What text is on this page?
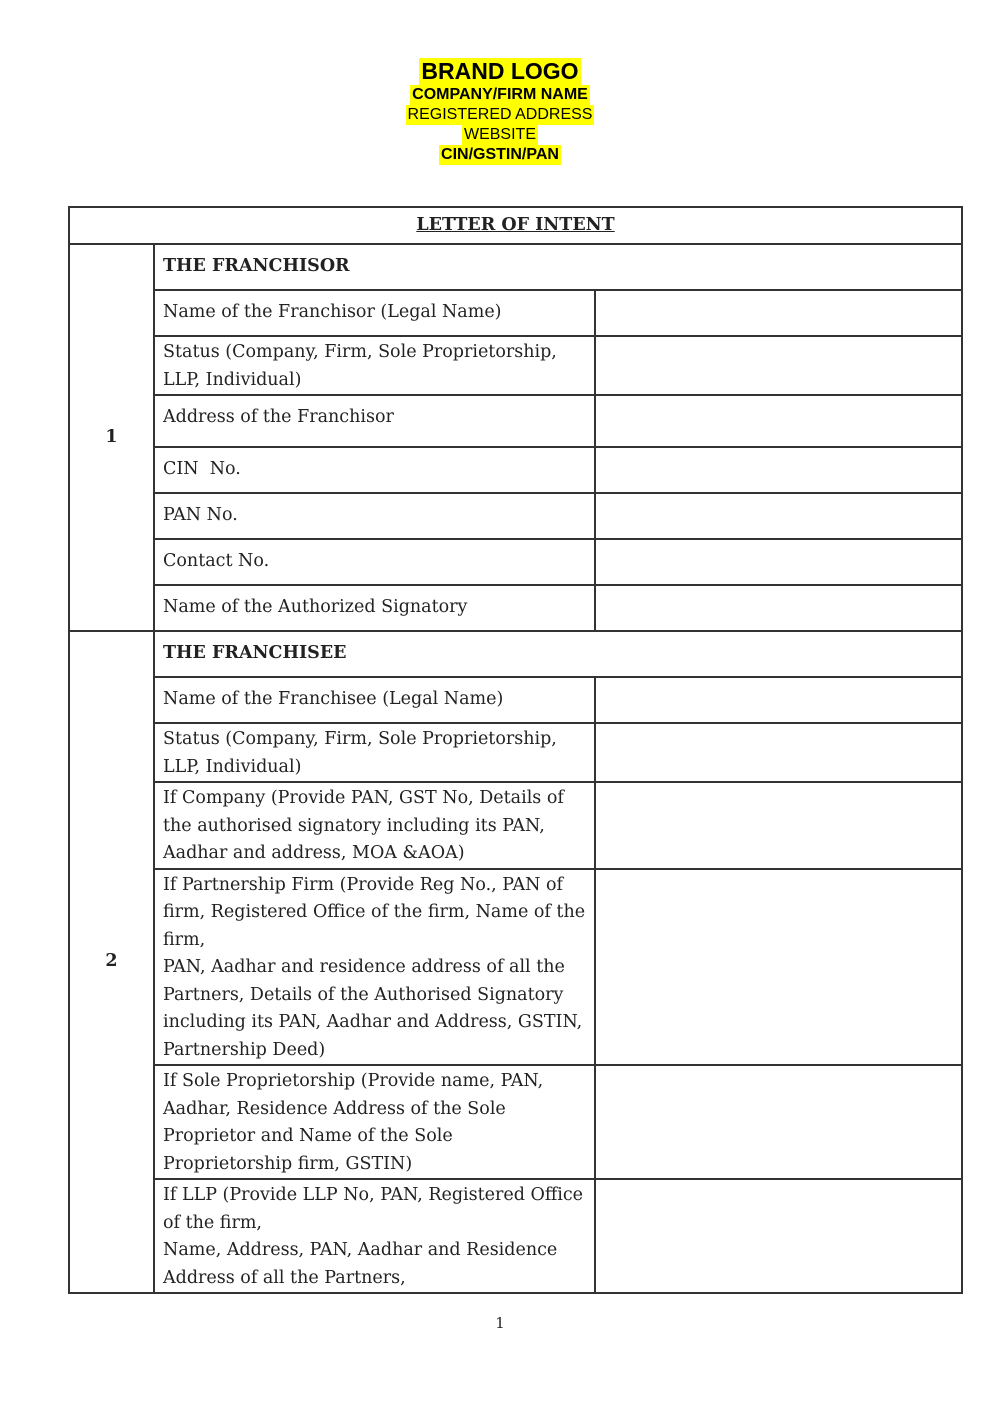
BRAND LOGO
COMPANY/FIRM NAME
REGISTERED ADDRESS
WEBSITE
CIN/GSTIN/PAN
LETTER OF INTENT		
1	THE FRANCHISOR	
	Name of the Franchisor (Legal Name)	
	Status (Company, Firm, Sole Proprietorship, LLP, Individual)	
	Address of the Franchisor	
	CIN  No.	
	PAN No.	
	Contact No.	
	Name of the Authorized Signatory	
2	THE FRANCHISEE	
	Name of the Franchisee (Legal Name)	
	Status (Company, Firm, Sole Proprietorship, LLP, Individual)	
	If Company (Provide PAN, GST No, Details of the authorised signatory including its PAN, Aadhar and address, MOA &AOA)	
	If Partnership Firm (Provide Reg No., PAN of firm, Registered Office of the firm, Name of the firm,
PAN, Aadhar and residence address of all the Partners, Details of the Authorised Signatory including its PAN, Aadhar and Address, GSTIN, Partnership Deed)	
	If Sole Proprietorship (Provide name, PAN, Aadhar, Residence Address of the Sole Proprietor and Name of the Sole Proprietorship firm, GSTIN)	
	If LLP (Provide LLP No, PAN, Registered Office of the firm,
Name, Address, PAN, Aadhar and Residence Address of all the Partners,	
1
